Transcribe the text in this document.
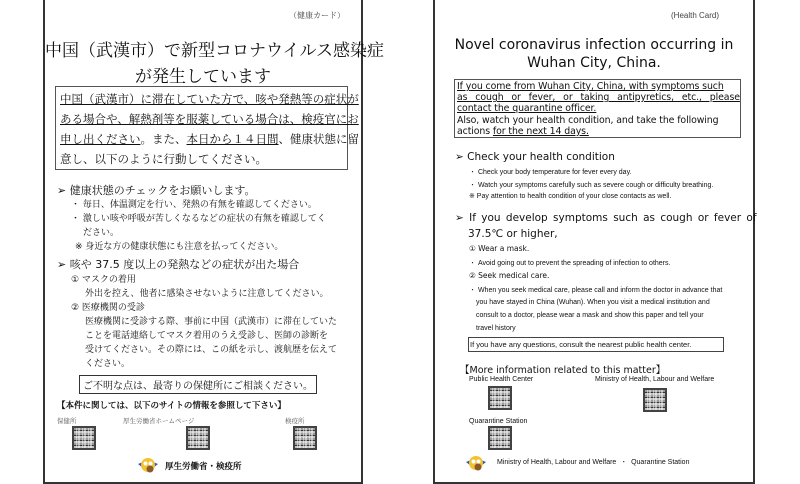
（健康カード）
中国（武漢市）で新型コロナウイルス感染症
が発生しています
中国（武漢市）に滞在していた方で、咳や発熱等の症状が
ある場合や、解熱剤等を服薬している場合は、検疫官にお
申し出ください。また、本日から１４日間、健康状態に留
意し、以下のように行動してください。
➢ 健康状態のチェックをお願いします。
・ 毎日、体温測定を行い、発熱の有無を確認してください。
・ 激しい咳や呼吸が苦しくなるなどの症状の有無を確認してく
ださい。
※ 身近な方の健康状態にも注意を払ってください。
➢ 咳や 37.5 度以上の発熱などの症状が出た場合
① マスクの着用
外出を控え、他者に感染させないように注意してください。
② 医療機関の受診
医療機関に受診する際、事前に中国（武漢市）に滞在していた
ことを電話連絡してマスク着用のうえ受診し、医師の診断を
受けてください。その際には、この紙を示し、渡航歴を伝えて
ください。
ご不明な点は、最寄りの保健所にご相談ください。
【本件に関しては、以下のサイトの情報を参照して下さい】
保健所	厚生労働省ホームページ	検疫所
厚生労働省・検疫所
(Health Card)
Novel coronavirus infection occurring in
Wuhan City, China.
If you come from Wuhan City, China, with symptoms such
as cough or fever, or taking antipyretics, etc., please
contact the quarantine officer.
Also, watch your health condition, and take the following
actions for the next 14 days.
➢ Check your health condition
・ Check your body temperature for fever every day.
・ Watch your symptoms carefully such as severe cough or difficulty breathing.
※ Pay attention to health condition of your close contacts as well.
➢ If you develop symptoms such as cough or fever of
37.5℃ or higher,
① Wear a mask.
・ Avoid going out to prevent the spreading of infection to others.
② Seek medical care.
・ When you seek medical care, please call and inform the doctor in advance that
you have stayed in China (Wuhan). When you visit a medical institution and
consult to a doctor, please wear a mask and show this paper and tell your
travel history
If you have any questions, consult the nearest public health center.
【More information related to this matter】
Public Health Center	Ministry of Health, Labour and Welfare
Quarantine Station
Ministry of Health, Labour and Welfare  ・  Quarantine Station
